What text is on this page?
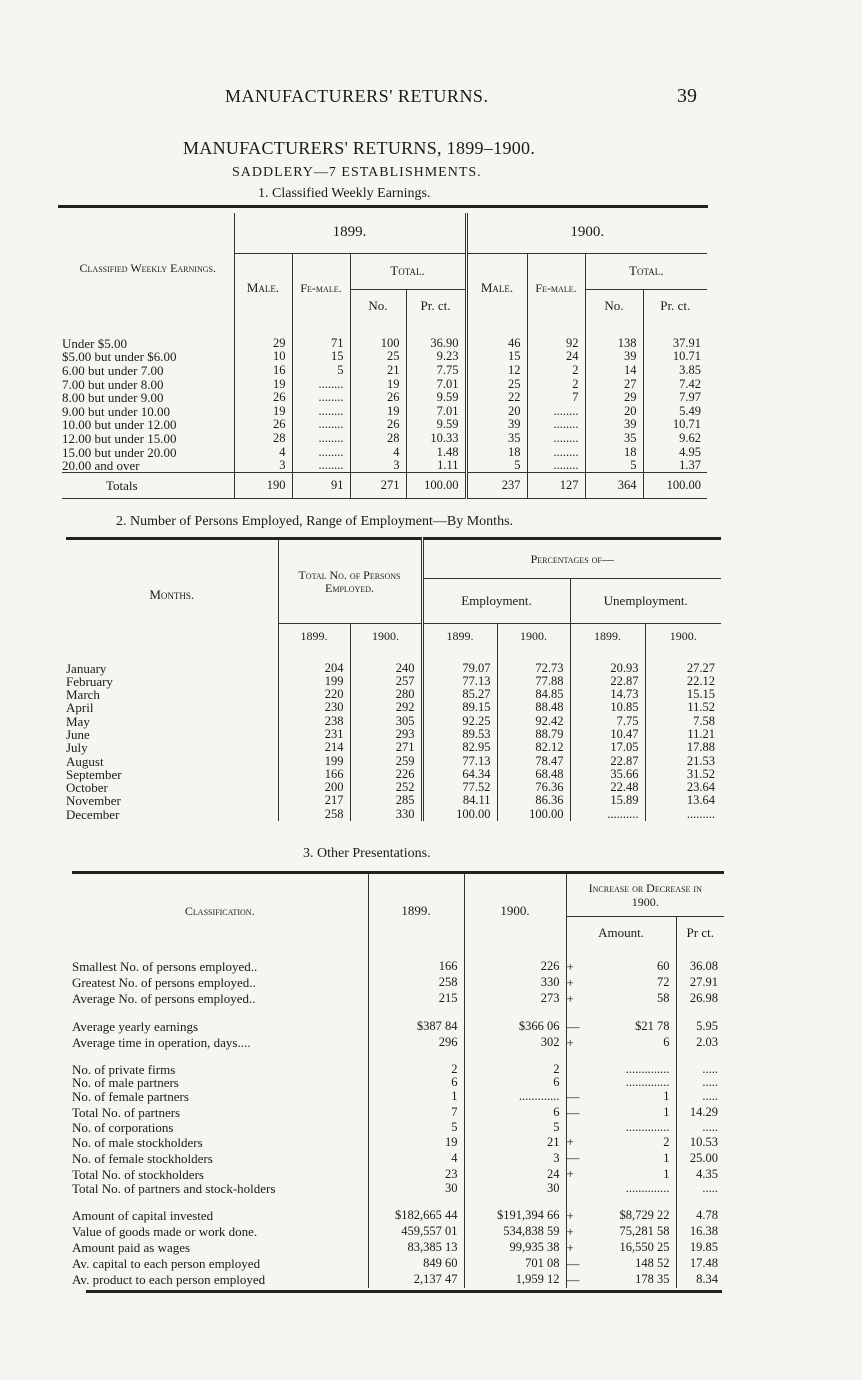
MANUFACTURERS' RETURNS.	39
MANUFACTURERS' RETURNS, 1899–1900.
SADDLERY—7 ESTABLISHMENTS.
1. Classified Weekly Earnings.
Classified Weekly Earnings.	1899.				1900.			
	Male.	Fe-male.	Total.		Male.	Fe-male.	Total.	
			No.	Pr. ct.			No.	Pr. ct.
Under $5.00	29	71	100	36.90	46	92	138	37.91
$5.00 but under $6.00	10	15	25	9.23	15	24	39	10.71
6.00 but under 7.00	16	5	21	7.75	12	2	14	3.85
7.00 but under 8.00	19	........	19	7.01	25	2	27	7.42
8.00 but under 9.00	26	........	26	9.59	22	7	29	7.97
9.00 but under 10.00	19	........	19	7.01	20	........	20	5.49
10.00 but under 12.00	26	........	26	9.59	39	........	39	10.71
12.00 but under 15.00	28	........	28	10.33	35	........	35	9.62
15.00 but under 20.00	4	........	4	1.48	18	........	18	4.95
20.00 and over	3	........	3	1.11	5	........	5	1.37
Totals	190	91	271	100.00	237	127	364	100.00
2. Number of Persons Employed, Range of Employment—By Months.
Months.	Total No. of Persons Employed.		Percentages of—			
			Employment.		Unemployment.	
	1899.	1900.	1899.	1900.	1899.	1900.
January	204	240	79.07	72.73	20.93	27.27
February	199	257	77.13	77.88	22.87	22.12
March	220	280	85.27	84.85	14.73	15.15
April	230	292	89.15	88.48	10.85	11.52
May	238	305	92.25	92.42	7.75	7.58
June	231	293	89.53	88.79	10.47	11.21
July	214	271	82.95	82.12	17.05	17.88
August	199	259	77.13	78.47	22.87	21.53
September	166	226	64.34	68.48	35.66	31.52
October	200	252	77.52	76.36	22.48	23.64
November	217	285	84.11	86.36	15.89	13.64
December	258	330	100.00	100.00	..........	.........
3. Other Presentations.
Classification.	1899.	1900.	Increase or Decrease in 1900.		
			Amount.		Pr ct.
Smallest No. of persons employed..	166	226	+	60	36.08
Greatest No. of persons employed..	258	330	+	72	27.91
Average No. of persons employed..	215	273	+	58	26.98
Average yearly earnings	$387 84	$366 06	—	$21 78	5.95
Average time in operation, days....	296	302	+	6	2.03
No. of private firms	2	2		..............	.....
No. of male partners	6	6		..............	.....
No. of female partners	1	.............	—	1	.....
Total No. of partners	7	6	—	1	14.29
No. of corporations	5	5		..............	.....
No. of male stockholders	19	21	+	2	10.53
No. of female stockholders	4	3	—	1	25.00
Total No. of stockholders	23	24	+	1	4.35
Total No. of partners and stock-holders	30	30		..............	.....
Amount of capital invested	$182,665 44	$191,394 66	+	$8,729 22	4.78
Value of goods made or work done.	459,557 01	534,838 59	+	75,281 58	16.38
Amount paid as wages	83,385 13	99,935 38	+	16,550 25	19.85
Av. capital to each person employed	849 60	701 08	—	148 52	17.48
Av. product to each person employed	2,137 47	1,959 12	—	178 35	8.34
